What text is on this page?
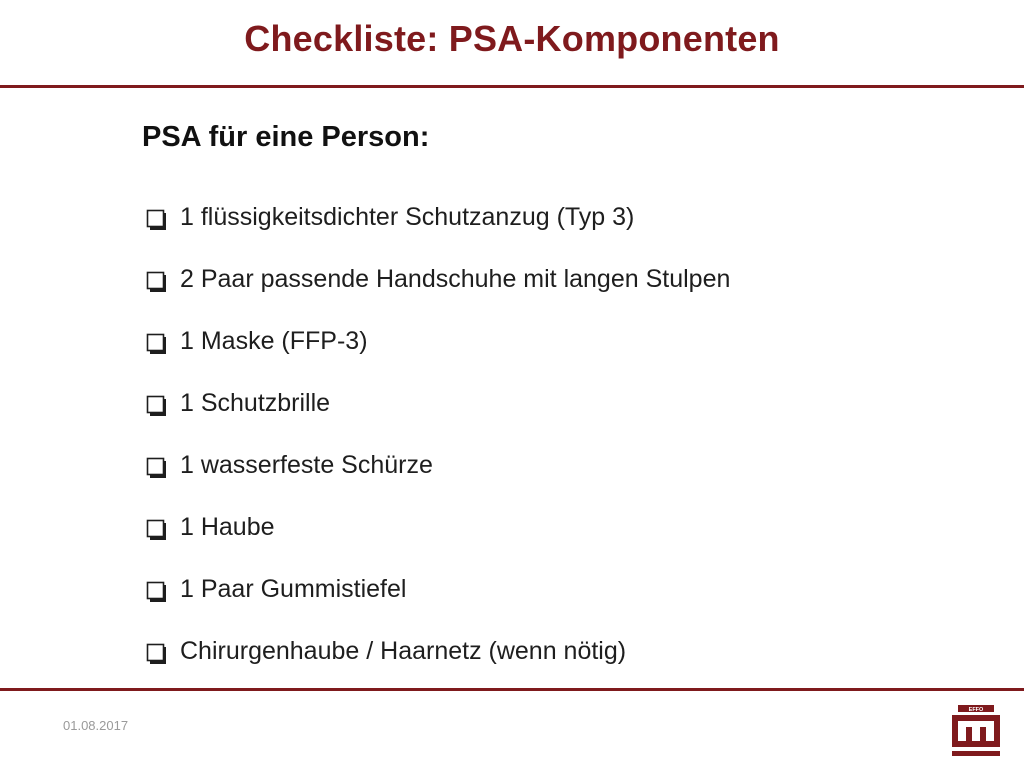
Checkliste: PSA-Komponenten
PSA für eine Person:
1 flüssigkeitsdichter Schutzanzug (Typ 3)
2 Paar passende Handschuhe mit langen Stulpen
1 Maske (FFP-3)
1 Schutzbrille
1 wasserfeste Schürze
1 Haube
1 Paar Gummistiefel
Chirurgenhaube / Haarnetz (wenn nötig)
01.08.2017
EFFO
